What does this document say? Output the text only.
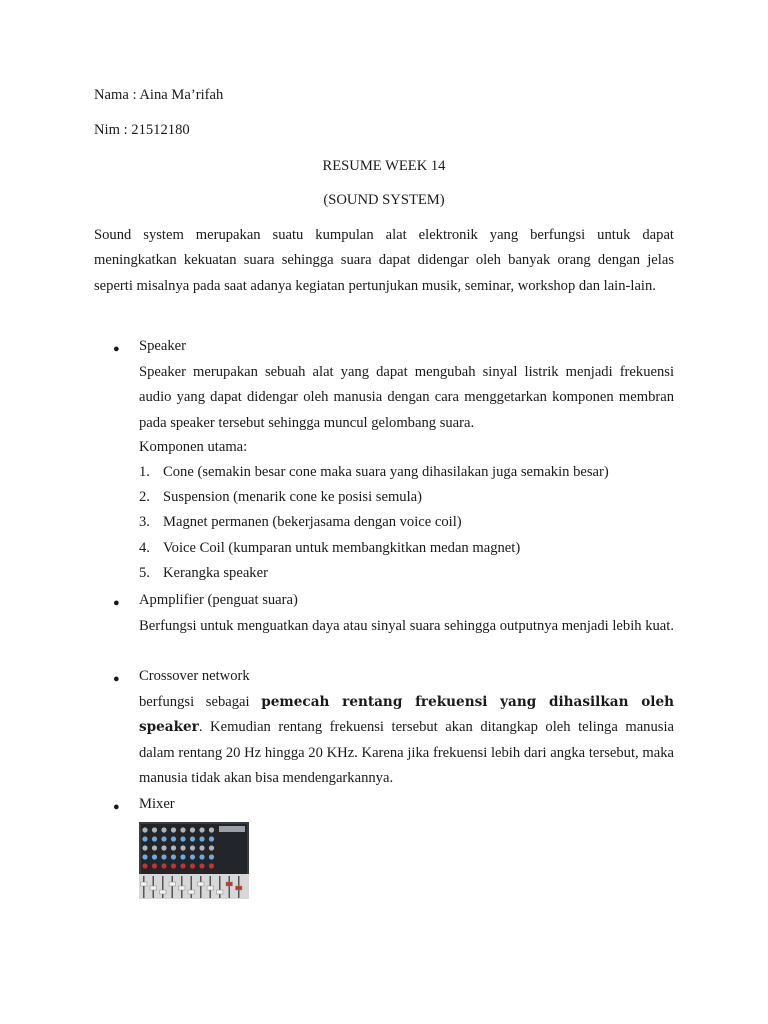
Nama : Aina Ma’rifah
Nim : 21512180
RESUME WEEK 14
(SOUND SYSTEM)
Sound system merupakan suatu kumpulan alat elektronik yang berfungsi untuk dapat meningkatkan kekuatan suara sehingga suara dapat didengar oleh banyak orang dengan jelas seperti misalnya pada saat adanya kegiatan pertunjukan musik, seminar, workshop dan lain-lain.
● Speaker
Speaker merupakan sebuah alat yang dapat mengubah sinyal listrik menjadi frekuensi audio yang dapat didengar oleh manusia dengan cara menggetarkan komponen membran pada speaker tersebut sehingga muncul gelombang suara.
Komponen utama:
1. Cone (semakin besar cone maka suara yang dihasilakan juga semakin besar)
2. Suspension (menarik cone ke posisi semula)
3. Magnet permanen (bekerjasama dengan voice coil)
4. Voice Coil (kumparan untuk membangkitkan medan magnet)
5. Kerangka speaker
● Apmplifier (penguat suara)
Berfungsi untuk menguatkan daya atau sinyal suara sehingga outputnya menjadi lebih kuat.
● Crossover network
berfungsi sebagai pemecah rentang frekuensi yang dihasilkan oleh speaker. Kemudian rentang frekuensi tersebut akan ditangkap oleh telinga manusia dalam rentang 20 Hz hingga 20 KHz. Karena jika frekuensi lebih dari angka tersebut, maka manusia tidak akan bisa mendengarkannya.
● Mixer
